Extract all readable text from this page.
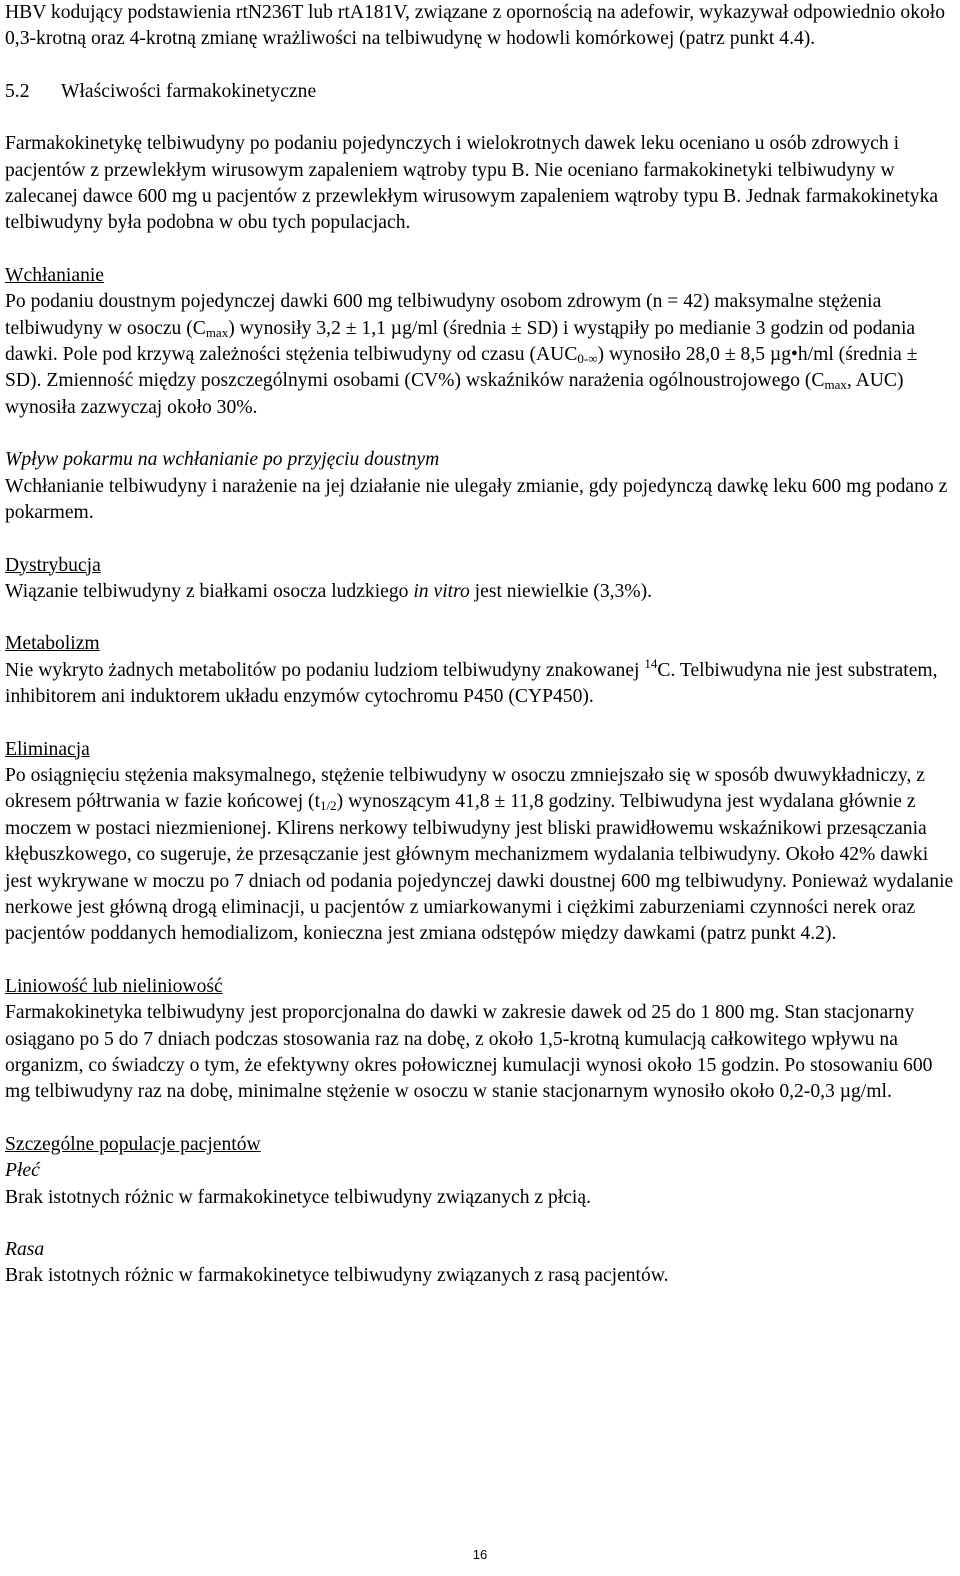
HBV kodujący podstawienia rtN236T lub rtA181V, związane z opornością na adefowir, wykazywał odpowiednio około 0,3-krotną oraz 4-krotną zmianę wrażliwości na telbiwudynę w hodowli komórkowej (patrz punkt 4.4).

5.2 Właściwości farmakokinetyczne

Farmakokinetykę telbiwudyny po podaniu pojedynczych i wielokrotnych dawek leku oceniano u osób zdrowych i pacjentów z przewlekłym wirusowym zapaleniem wątroby typu B. Nie oceniano farmakokinetyki telbiwudyny w zalecanej dawce 600 mg u pacjentów z przewlekłym wirusowym zapaleniem wątroby typu B. Jednak farmakokinetyka telbiwudyny była podobna w obu tych populacjach.

Wchłanianie

Po podaniu doustnym pojedynczej dawki 600 mg telbiwudyny osobom zdrowym (n = 42) maksymalne stężenia telbiwudyny w osoczu $(C_{max})$ wynosiły 3,2 ± 1,1 µg/ml (średnia ± SD) i wystąpiły po medianie 3 godzin od podania dawki. Pole pod krzywą zależności stężenia telbiwudyny od czasu $(AUC_{0-\infty})$ wynosiło 28,0 ± 8,5 µg•h/ml (średnia ± SD). Zmienność między poszczególnymi osobami (CV%) wskaźników narażenia ogólnoustrojowego ($C_{max}$, AUC) wynosiła zazwyczaj około 30%.

Wpływ pokarmu na wchłanianie po przyjęciu doustnym

Wchłanianie telbiwudyny i narażenie na jej działanie nie ulegały zmianie, gdy pojedynczą dawkę leku 600 mg podano z pokarmem.

Dystrybucja

Wiązanie telbiwudyny z białkami osocza ludzkiego in vitro jest niewielkie (3,3%).

Metabolizm

Nie wykryto żadnych metabolitów po podaniu ludziom telbiwudyny znakowanej $^{14}$C. Telbiwudyna nie jest substratem, inhibitorem ani induktorem układu enzymów cytochromu P450 (CYP450).

Eliminacja

Po osiągnięciu stężenia maksymalnego, stężenie telbiwudyny w osoczu zmniejszało się w sposób dwuwykładniczy, z okresem półtrwania w fazie końcowej $(t_{1/2})$ wynoszącym 41,8 ± 11,8 godziny. Telbiwudyna jest wydalana głównie z moczem w postaci niezmienionej. Klirens nerkowy telbiwudyny jest bliski prawidłowemu wskaźnikowi przesączania kłębuszkowego, co sugeruje, że przesączanie jest głównym mechanizmem wydalania telbiwudyny. Około 42% dawki jest wykrywane w moczu po 7 dniach od podania pojedynczej dawki doustnej 600 mg telbiwudyny. Ponieważ wydalanie nerkowe jest główną drogą eliminacji, u pacjentów z umiarkowanymi i ciężkimi zaburzeniami czynności nerek oraz pacjentów poddanych hemodializom, konieczna jest zmiana odstępów między dawkami (patrz punkt 4.2).

Liniowość lub nieliniowość

Farmakokinetyka telbiwudyny jest proporcjonalna do dawki w zakresie dawek od 25 do 1 800 mg. Stan stacjonarny osiągano po 5 do 7 dniach podczas stosowania raz na dobę, z około 1,5-krotną kumulacją całkowitego wpływu na organizm, co świadczy o tym, że efektywny okres połowicznej kumulacji wynosi około 15 godzin. Po stosowaniu 600 mg telbiwudyny raz na dobę, minimalne stężenie w osoczu w stanie stacjonarnym wynosiło około 0,2-0,3 µg/ml.

Szczególne populacje pacjentów

Płeć

Brak istotnych różnic w farmakokinetyce telbiwudyny związanych z płcią.

Rasa

Brak istotnych różnic w farmakokinetyce telbiwudyny związanych z rasą pacjentów.

16
